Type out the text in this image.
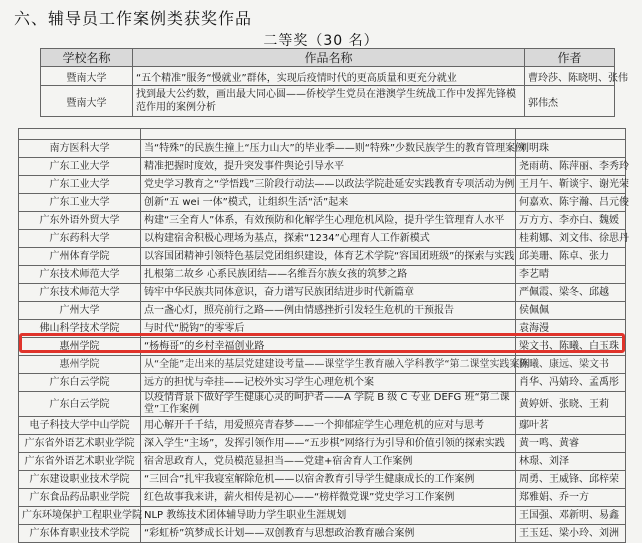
六、辅导员工作案例类获奖作品
二等奖（30 名）
学校名称	作品名称	作者
暨南大学	“五个精准”服务“慢就业”群体，实现后疫情时代的更高质量和更充分就业	曹玲莎、陈晓明、张伟
暨南大学	找到最大公约数，画出最大同心圆——侨校学生党员在港澳学生统战工作中发挥先锋模范作用的案例分析	郭伟杰

南方医科大学	当“特殊”的民族生撞上“压力山大”的毕业季——则“特殊”少数民族学生的教育管理案例	刘明珠
广东工业大学	精准把握时度效，提升突发事件舆论引导水平	尧雨萌、陈萍丽、李秀玲
广东工业大学	党史学习教育之“学悟践”三阶段行动法——以政法学院赴延安实践教育专项活动为例	王月午、靳谈宇、谢光荣
广东工业大学	创新“五 wei 一体”模式，让组织生活“活”起来	何嘉欢、陈宇瀚、吕元俊
广东外语外贸大学	构建“三全育人”体系，有效预防和化解学生心理危机风险，提升学生管理育人水平	万方方、李亦白、魏媛
广东药科大学	以构建宿舍积极心理场为基点，探索“1234”心理育人工作新模式	桂莉娜、刘文伟、徐思丹
广州体育学院	以容国团精神引领特色基层党团组织建设，体育艺术学院“容国团班级”的探索与实践	邱美珊、陈卓、张力
广东技术师范大学	扎根第二故乡 心系民族团结——名维吾尔族女孩的筑梦之路	李艺晴
广东技术师范大学	铸牢中华民族共同体意识，奋力谱写民族团结进步时代新篇章	严佩霞、梁冬、邱越
广州大学	点一盏心灯，照亮前行之路——例由情感挫折引发轻生危机的干预报告	侯佩佩
佛山科学技术学院	与时代“脱钩”的零零后	袁海漫
惠州学院	“杨梅哥”的乡村幸福创业路	梁文书、陈曦、白玉珠
惠州学院	从“全能”走出来的基层党建建设考量——课堂学生教育融入学科教学“第二课堂实践案例	陈曦、康远、梁文书
广东白云学院	远方的担忧与牵挂——记校外实习学生心理危机个案	肖华、冯婧玲、孟禹彤
广东白云学院	以疫情背景下做好学生健康心灵的呵护者——A 学院 B 级 C 专业 DEFG 班“第二课堂”工作案例	黄婷妍、张晓、王莉
电子科技大学中山学院	用心解开千千结，用爱照亮青春梦——一个抑郁症学生心理危机的应对与思考	鄢叶茗
广东省外语艺术职业学院	深入学生“主场”，发挥引领作用——“五步棋”网络行为引导和价值引领的探索实践	黄一鸣、黄睿
广东省外语艺术职业学院	宿舍思政育人，党员模范显担当——党建+宿舍育人工作案例	林璟、刘泽
广东建设职业技术学院	“三回合”扎牢我寝室解除危机——以宿舍教育引导学生健康成长的工作案例	周勇、王威锋、邱梓荣
广东食品药品职业学院	红色故事我来讲，薪火相传是初心——“榜样微党课”党史学习工作案例	郑雅娟、乔一方
广东环境保护工程职业学院	NLP 教练技术团体辅导助力学生职业生涯规划	王国强、邓新明、易鑫
广东体育职业技术学院	“彩虹桥”筑梦成长计划——双创教育与思想政治教育融合案例	王玉廷、梁小玲、刘洲
